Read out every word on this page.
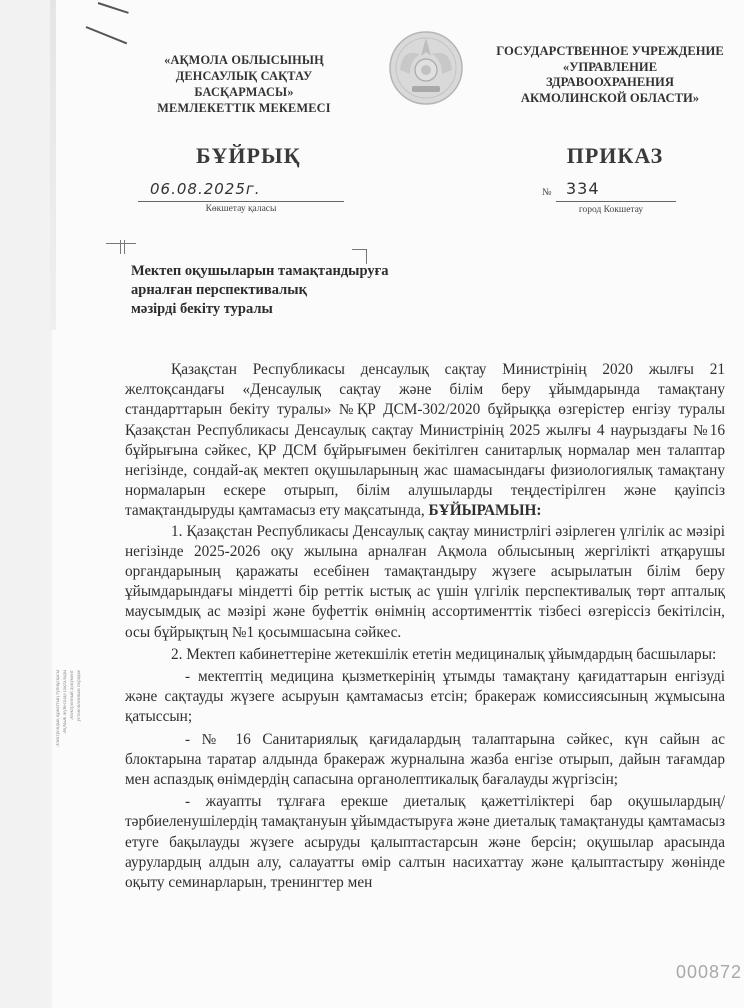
«АҚМОЛА ОБЛЫСЫНЫҢ
ДЕНСАУЛЫҚ САҚТАУ
БАСҚАРМАСЫ»
МЕМЛЕКЕТТІК МЕКЕМЕСІ
ГОСУДАРСТВЕННОЕ УЧРЕЖДЕНИЕ
«УПРАВЛЕНИЕ
ЗДРАВООХРАНЕНИЯ
АКМОЛИНСКОЙ ОБЛАСТИ»
БҰЙРЫҚ	ПРИКАЗ
06.08.2025г.
Көкшетау қаласы
№ 334
город Кокшетау
Мектеп оқушыларын тамақтандыруға
арналған перспективалық
мәзірді бекіту туралы

Қазақстан Республикасы денсаулық сақтау Министрінің 2020 жылғы 21 желтоқсандағы «Денсаулық сақтау және білім беру ұйымдарында тамақтану стандарттарын бекіту туралы» №ҚР ДСМ-302/2020 бұйрыққа өзгерістер енгізу туралы Қазақстан Республикасы Денсаулық сақтау Министрінің 2025 жылғы 4 наурыздағы №16 бұйрығына сәйкес, ҚР ДСМ бұйрығымен бекітілген санитарлық нормалар мен талаптар негізінде, сондай-ақ мектеп оқушыларының жас шамасындағы физиологиялық тамақтану нормаларын ескере отырып, білім алушыларды теңдестірілген және қауіпсіз тамақтандыруды қамтамасыз ету мақсатында, БҰЙЫРАМЫН:

1. Қазақстан Республикасы Денсаулық сақтау министрлігі әзірлеген үлгілік ас мәзірі негізінде 2025-2026 оқу жылына арналған Ақмола облысының жергілікті атқарушы органдарының қаражаты есебінен тамақтандыру жүзеге асырылатын білім беру ұйымдарындағы міндетті бір реттік ыстық ас үшін үлгілік перспективалық төрт апталық маусымдық ас мәзірі және буфеттік өнімнің ассортименттік тізбесі өзгеріссіз бекітілсін, осы бұйрықтың №1 қосымшасына сәйкес.

2. Мектеп кабинеттеріне жетекшілік ететін медициналық ұйымдардың басшылары:

- мектептің медицина қызметкерінің ұтымды тамақтану қағидаттарын енгізуді және сақтауды жүзеге асыруын қамтамасыз етсін; бракераж комиссиясының жұмысына қатыссын;

- № 16 Санитариялық қағидалардың талаптарына сәйкес, күн сайын ас блоктарына таратар алдында бракераж журналына жазба енгізе отырып, дайын тағамдар мен аспаздық өнімдердің сапасына органолептикалық бағалауды жүргізсін;

- жауапты тұлғаға ерекше диеталық қажеттіліктері бар оқушылардың/тәрбиеленушілердің тамақтануын ұйымдастыруға және диеталық тамақтануды қамтамасыз етуге бақылауды жүзеге асыруды қалыптастарсын және берсін; оқушылар арасында аурулардың алдын алу, салауатты өмір салтын насихаттау және қалыптастыру жөнінде оқыту семинарларын, тренингтер мен

Электрондық құжаттың түпнұсқасы ЭҚАБЖ жүйесінде сақталады Электронный документ установленным порядке
000872
